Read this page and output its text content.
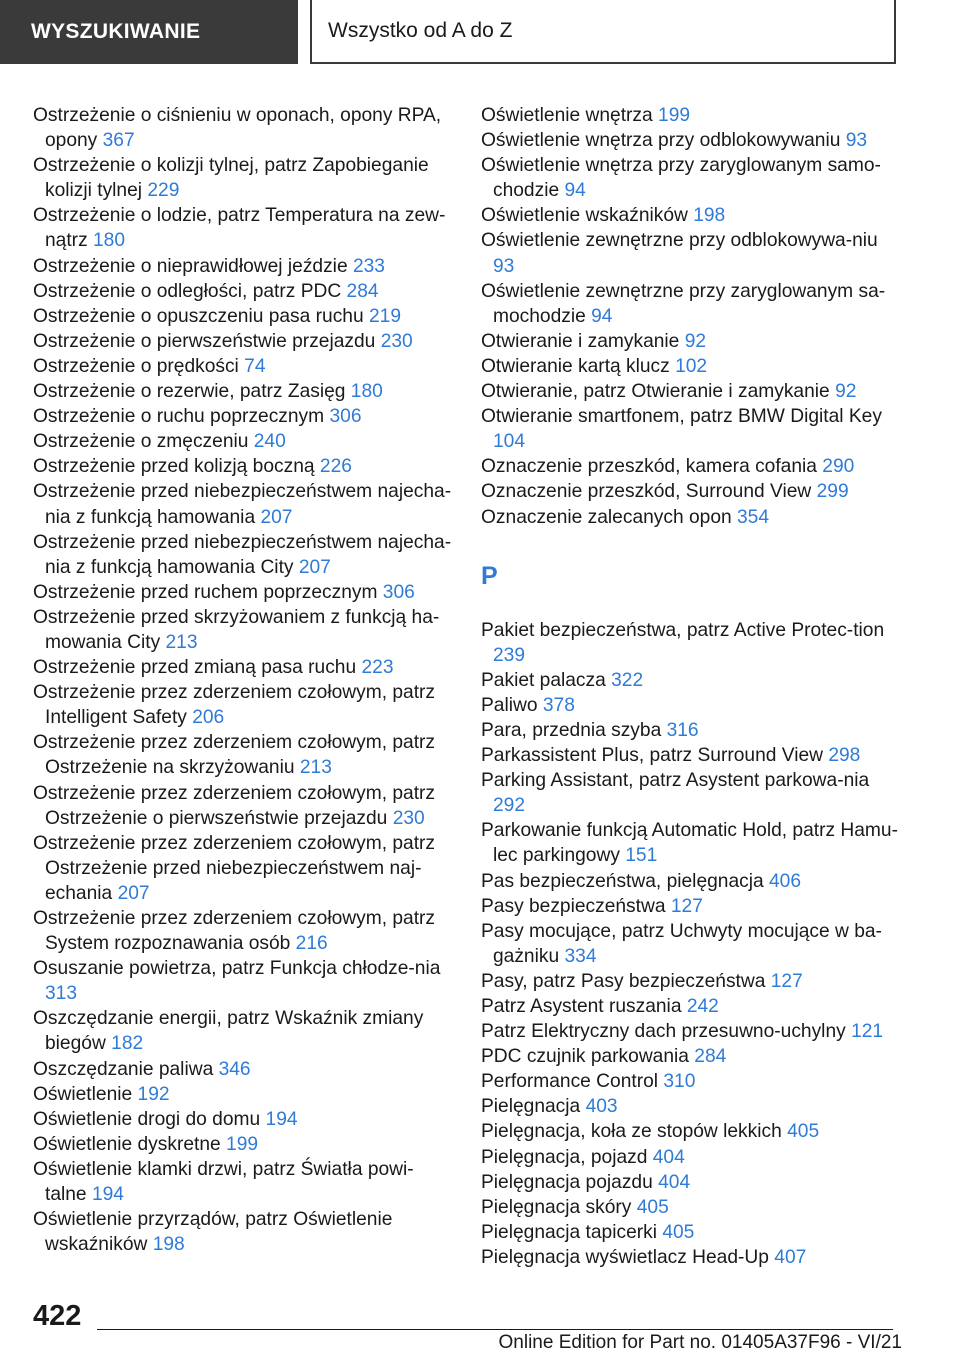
WYSZUKIWANIE	Wszystko od A do Z
Ostrzeżenie o ciśnieniu w oponach, opony RPA, opony 367
Ostrzeżenie o kolizji tylnej, patrz Zapobieganie kolizji tylnej 229
Ostrzeżenie o lodzie, patrz Temperatura na zew‐nątrz 180
Ostrzeżenie o nieprawidłowej jeździe 233
Ostrzeżenie o odległości, patrz PDC 284
Ostrzeżenie o opuszczeniu pasa ruchu 219
Ostrzeżenie o pierwszeństwie przejazdu 230
Ostrzeżenie o prędkości 74
Ostrzeżenie o rezerwie, patrz Zasięg 180
Ostrzeżenie o ruchu poprzecznym 306
Ostrzeżenie o zmęczeniu 240
Ostrzeżenie przed kolizją boczną 226
Ostrzeżenie przed niebezpieczeństwem najecha‐nia z funkcją hamowania 207
Ostrzeżenie przed niebezpieczeństwem najecha‐nia z funkcją hamowania City 207
Ostrzeżenie przed ruchem poprzecznym 306
Ostrzeżenie przed skrzyżowaniem z funkcją ha‐mowania City 213
Ostrzeżenie przed zmianą pasa ruchu 223
Ostrzeżenie przez zderzeniem czołowym, patrz Intelligent Safety 206
Ostrzeżenie przez zderzeniem czołowym, patrz Ostrzeżenie na skrzyżowaniu 213
Ostrzeżenie przez zderzeniem czołowym, patrz Ostrzeżenie o pierwszeństwie przejazdu 230
Ostrzeżenie przez zderzeniem czołowym, patrz Ostrzeżenie przed niebezpieczeństwem naj‐echania 207
Ostrzeżenie przez zderzeniem czołowym, patrz System rozpoznawania osób 216
Osuszanie powietrza, patrz Funkcja chłodze‐nia 313
Oszczędzanie energii, patrz Wskaźnik zmiany biegów 182
Oszczędzanie paliwa 346
Oświetlenie 192
Oświetlenie drogi do domu 194
Oświetlenie dyskretne 199
Oświetlenie klamki drzwi, patrz Światła powi‐talne 194
Oświetlenie przyrządów, patrz Oświetlenie wskaźników 198
Oświetlenie wnętrza 199
Oświetlenie wnętrza przy odblokowywaniu 93
Oświetlenie wnętrza przy zaryglowanym samo‐chodzie 94
Oświetlenie wskaźników 198
Oświetlenie zewnętrzne przy odblokowywa‐niu 93
Oświetlenie zewnętrzne przy zaryglowanym sa‐mochodzie 94
Otwieranie i zamykanie 92
Otwieranie kartą klucz 102
Otwieranie, patrz Otwieranie i zamykanie 92
Otwieranie smartfonem, patrz BMW Digital Key 104
Oznaczenie przeszkód, kamera cofania 290
Oznaczenie przeszkód, Surround View 299
Oznaczenie zalecanych opon 354
P
Pakiet bezpieczeństwa, patrz Active Protec‐tion 239
Pakiet palacza 322
Paliwo 378
Para, przednia szyba 316
Parkassistent Plus, patrz Surround View 298
Parking Assistant, patrz Asystent parkowa‐nia 292
Parkowanie funkcją Automatic Hold, patrz Hamu‐lec parkingowy 151
Pas bezpieczeństwa, pielęgnacja 406
Pasy bezpieczeństwa 127
Pasy mocujące, patrz Uchwyty mocujące w ba‐gażniku 334
Pasy, patrz Pasy bezpieczeństwa 127
Patrz Asystent ruszania 242
Patrz Elektryczny dach przesuwno-uchylny 121
PDC czujnik parkowania 284
Performance Control 310
Pielęgnacja 403
Pielęgnacja, koła ze stopów lekkich 405
Pielęgnacja, pojazd 404
Pielęgnacja pojazdu 404
Pielęgnacja skóry 405
Pielęgnacja tapicerki 405
Pielęgnacja wyświetlacz Head-Up 407
422
Online Edition for Part no. 01405A37F96 - VI/21
